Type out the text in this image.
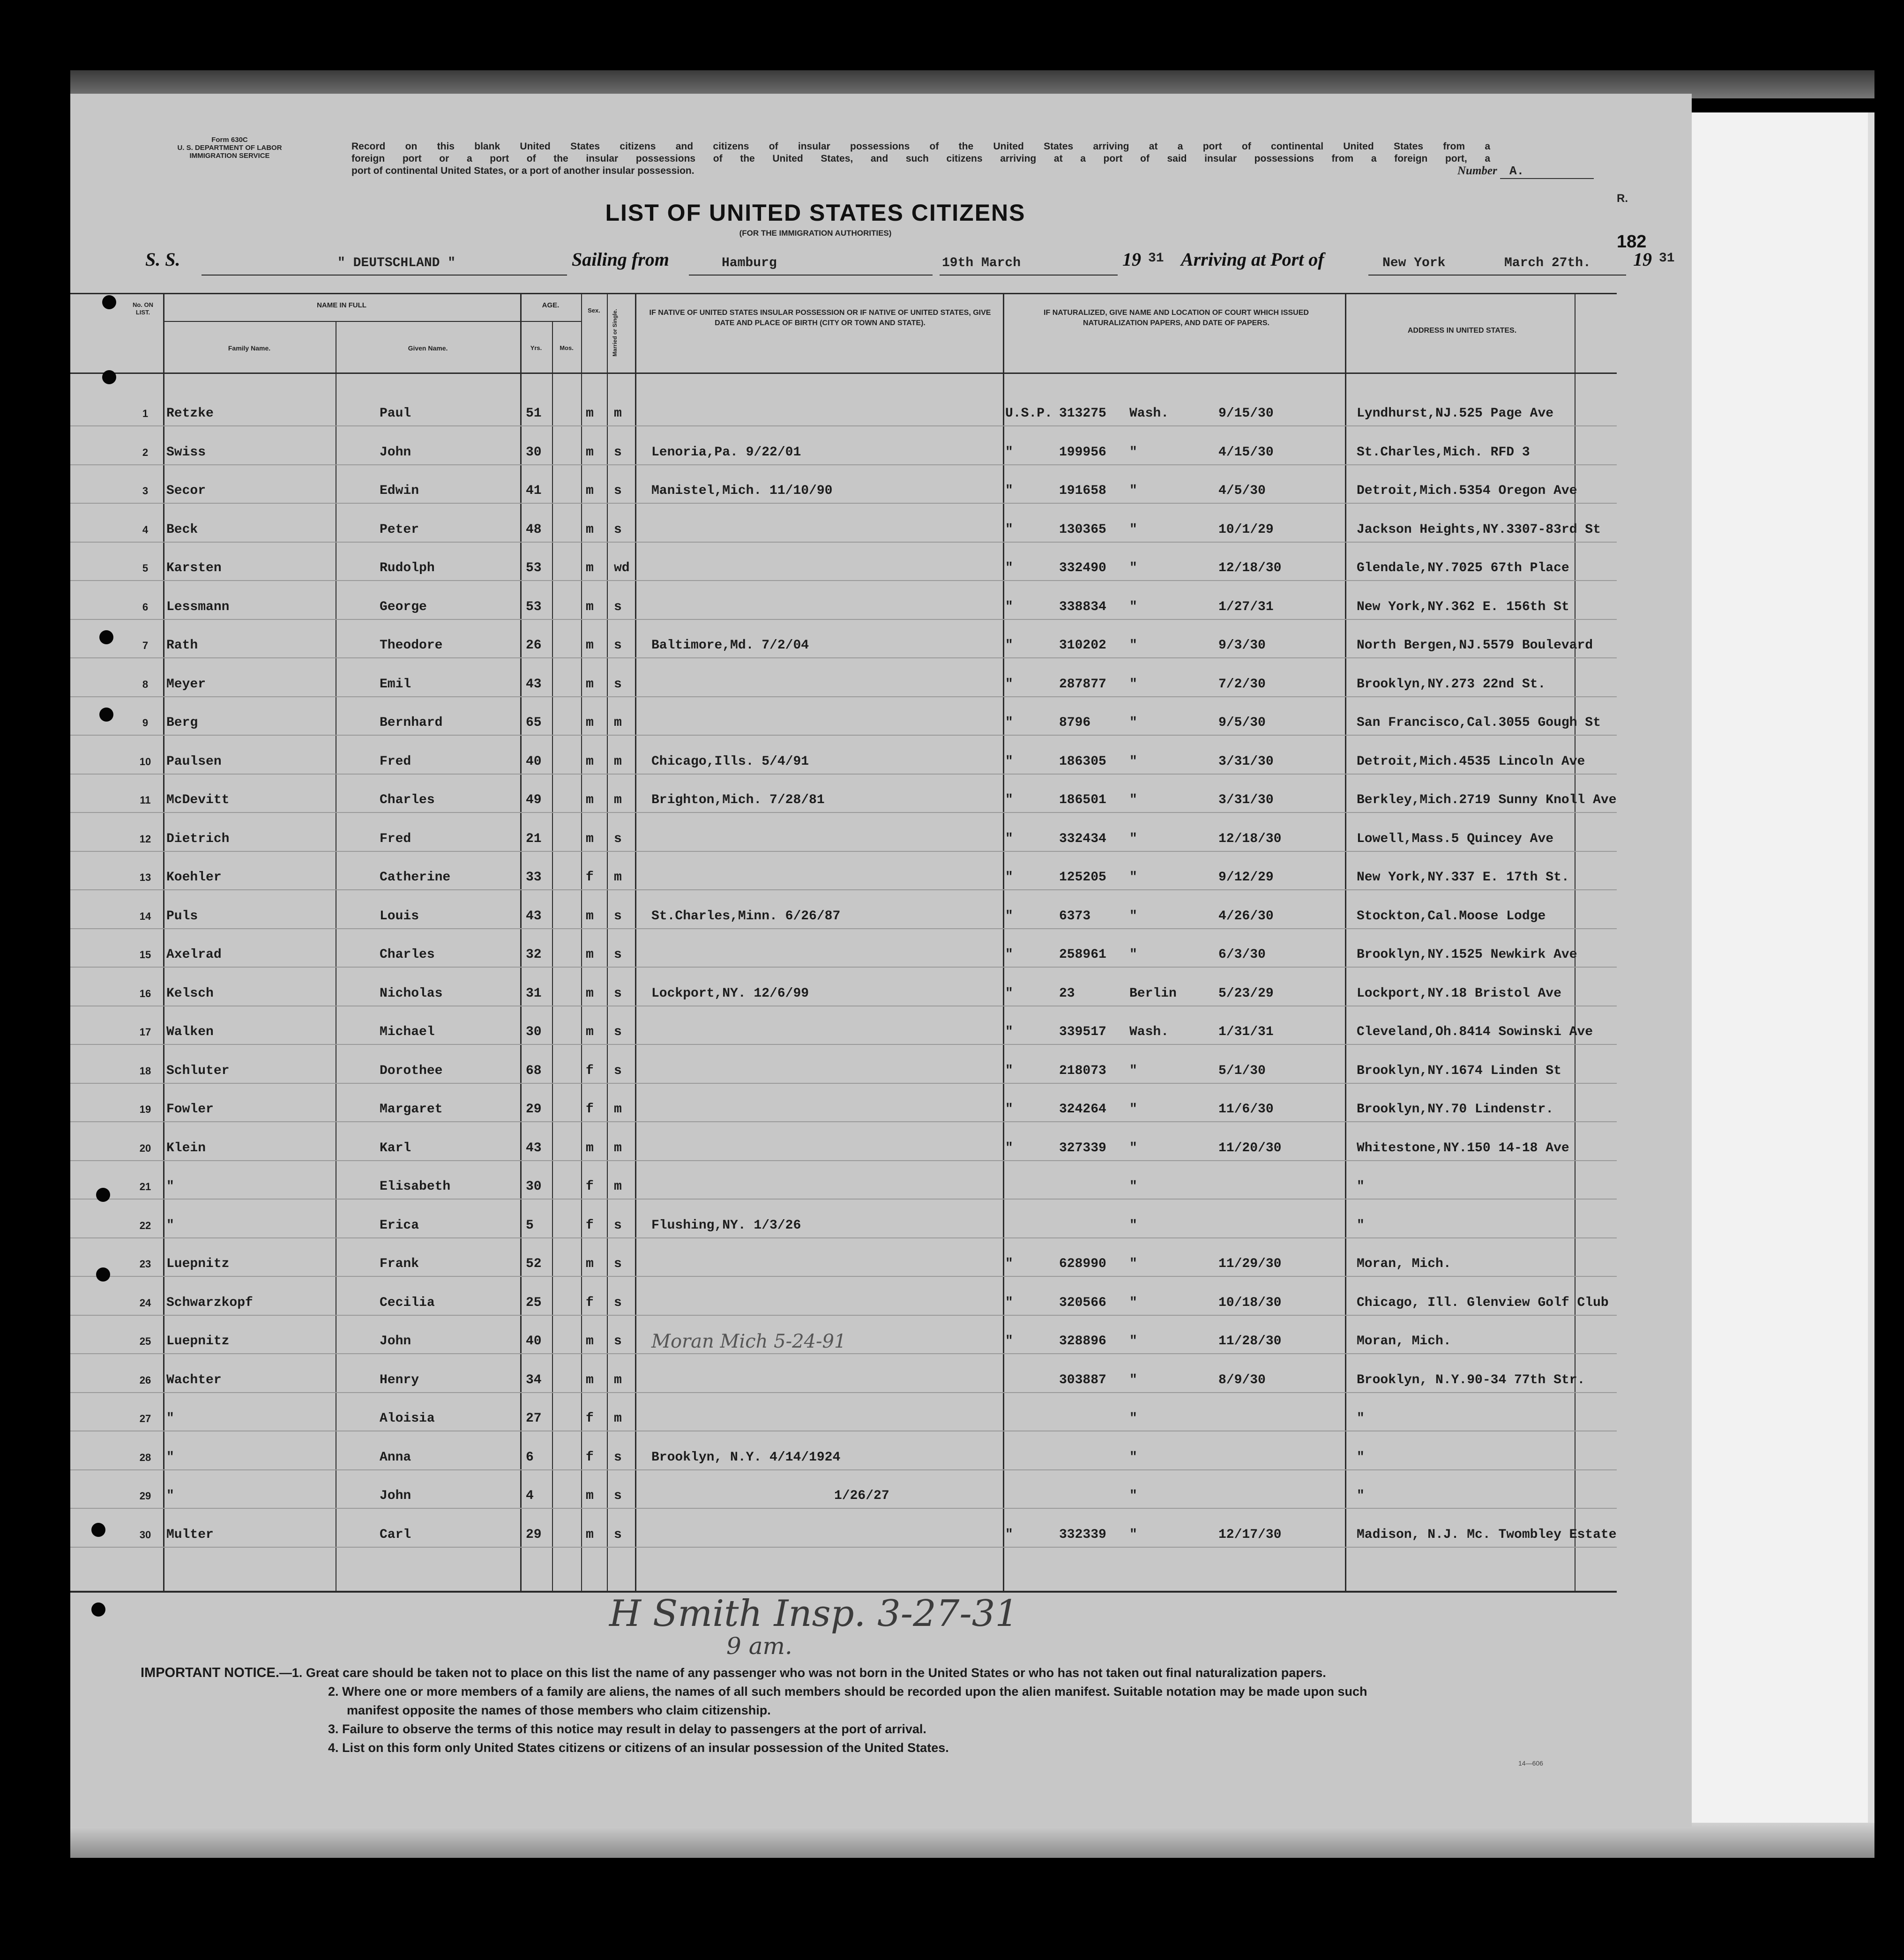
Form 630C
U. S. DEPARTMENT OF LABOR
IMMIGRATION SERVICE
Record on this blank United States citizens and citizens of insular possessions of the United States arriving at a port of continental United States from a
foreign port or a port of the insular possessions of the United States, and such citizens arriving at a port of said insular possessions from a foreign port, a
port of continental United States, or a port of another insular possession.	Number A.
R.
LIST OF UNITED STATES CITIZENS
(FOR THE IMMIGRATION AUTHORITIES)	182
S. S.	" DEUTSCHLAND "	Sailing from	Hamburg	19th March	19 31 Arriving at Port of	New York	March 27th. 19 31
No. ON LIST.
NAME IN FULL
Family Name.	Given Name.
AGE.
Yrs.	Mos.
Sex.	Married or Single.	IF NATIVE OF UNITED STATES INSULAR POSSESSION OR IF NATIVE OF UNITED STATES, GIVE DATE AND PLACE OF BIRTH (CITY OR TOWN AND STATE).
IF NATURALIZED, GIVE NAME AND LOCATION OF COURT WHICH ISSUED NATURALIZATION PAPERS, AND DATE OF PAPERS.
ADDRESS IN UNITED STATES.
1	Retzke	Paul	51	m m	U.S.P. 313275 Wash.	9/15/30	Lyndhurst,NJ.525 Page Ave
2	Swiss	John	30	m s Lenoria,Pa. 9/22/01	"	199956 "	4/15/30	St.Charles,Mich. RFD 3
3	Secor	Edwin	41	m s Manistel,Mich. 11/10/90	"	191658 "	4/5/30	Detroit,Mich.5354 Oregon Ave
4	Beck	Peter	48	m s	"	130365 "	10/1/29	Jackson Heights,NY.3307-83rd St
5	Karsten	Rudolph	53	m wd	"	332490 "	12/18/30	Glendale,NY.7025 67th Place
6	Lessmann	George	53	m s	"	338834 "	1/27/31	New York,NY.362 E. 156th St
7	Rath	Theodore	26	m s Baltimore,Md. 7/2/04	"	310202 "	9/3/30	North Bergen,NJ.5579 Boulevard
8	Meyer	Emil	43	m s	"	287877 "	7/2/30	Brooklyn,NY.273 22nd St.
9	Berg	Bernhard	65	m m	"	8796	"	9/5/30	San Francisco,Cal.3055 Gough St
10	Paulsen	Fred	40	m m Chicago,Ills. 5/4/91	"	186305 "	3/31/30	Detroit,Mich.4535 Lincoln Ave
11	McDevitt	Charles	49	m m Brighton,Mich. 7/28/81	"	186501 "	3/31/30	Berkley,Mich.2719 Sunny Knoll Ave
12	Dietrich	Fred	21	m s	"	332434 "	12/18/30	Lowell,Mass.5 Quincey Ave
13	Koehler	Catherine	33	f m	"	125205 "	9/12/29	New York,NY.337 E. 17th St.
14	Puls	Louis	43	m s St.Charles,Minn. 6/26/87	"	6373	"	4/26/30	Stockton,Cal.Moose Lodge
15	Axelrad	Charles	32	m s	"	258961 "	6/3/30	Brooklyn,NY.1525 Newkirk Ave
16	Kelsch	Nicholas	31	m s Lockport,NY. 12/6/99	"	23	Berlin	5/23/29	Lockport,NY.18 Bristol Ave
17	Walken	Michael	30	m s	"	339517 Wash.	1/31/31	Cleveland,Oh.8414 Sowinski Ave
18	Schluter	Dorothee	68	f s	"	218073 "	5/1/30	Brooklyn,NY.1674 Linden St
19	Fowler	Margaret	29	f m	"	324264 "	11/6/30	Brooklyn,NY.70 Lindenstr.
20	Klein	Karl	43	m m	"	327339 "	11/20/30	Whitestone,NY.150 14-18 Ave
21	"	Elisabeth	30	f m	"	"
22	"	Erica	5	f s Flushing,NY. 1/3/26	"	"
23	Luepnitz	Frank	52	m s	"	628990 "	11/29/30	Moran, Mich.
24	Schwarzkopf	Cecilia	25	f s	"	320566 "	10/18/30	Chicago, Ill. Glenview Golf Club
25	Luepnitz	John	40	m s Moran Mich 5-24-91	"	328896 "	11/28/30	Moran, Mich.
26	Wachter	Henry	34	m m	303887 "	8/9/30	Brooklyn, N.Y.90-34 77th Str.
27	"	Aloisia	27	f m	"	"
28	"	Anna	6	f s Brooklyn, N.Y. 4/14/1924	"	"
29	"	John	4	m s	1/26/27	"	"
30	Multer	Carl	29	m s	"	332339 "	12/17/30	Madison, N.J. Mc. Twombley Estate
H Smith Insp. 3-27-31
9 am.
IMPORTANT NOTICE.—1. Great care should be taken not to place on this list the name of any passenger who was not born in the United States or who has not taken out final naturalization papers.
2. Where one or more members of a family are aliens, the names of all such members should be recorded upon the alien manifest. Suitable notation may be made upon such
manifest opposite the names of those members who claim citizenship.
3. Failure to observe the terms of this notice may result in delay to passengers at the port of arrival.
4. List on this form only United States citizens or citizens of an insular possession of the United States.
14—606
